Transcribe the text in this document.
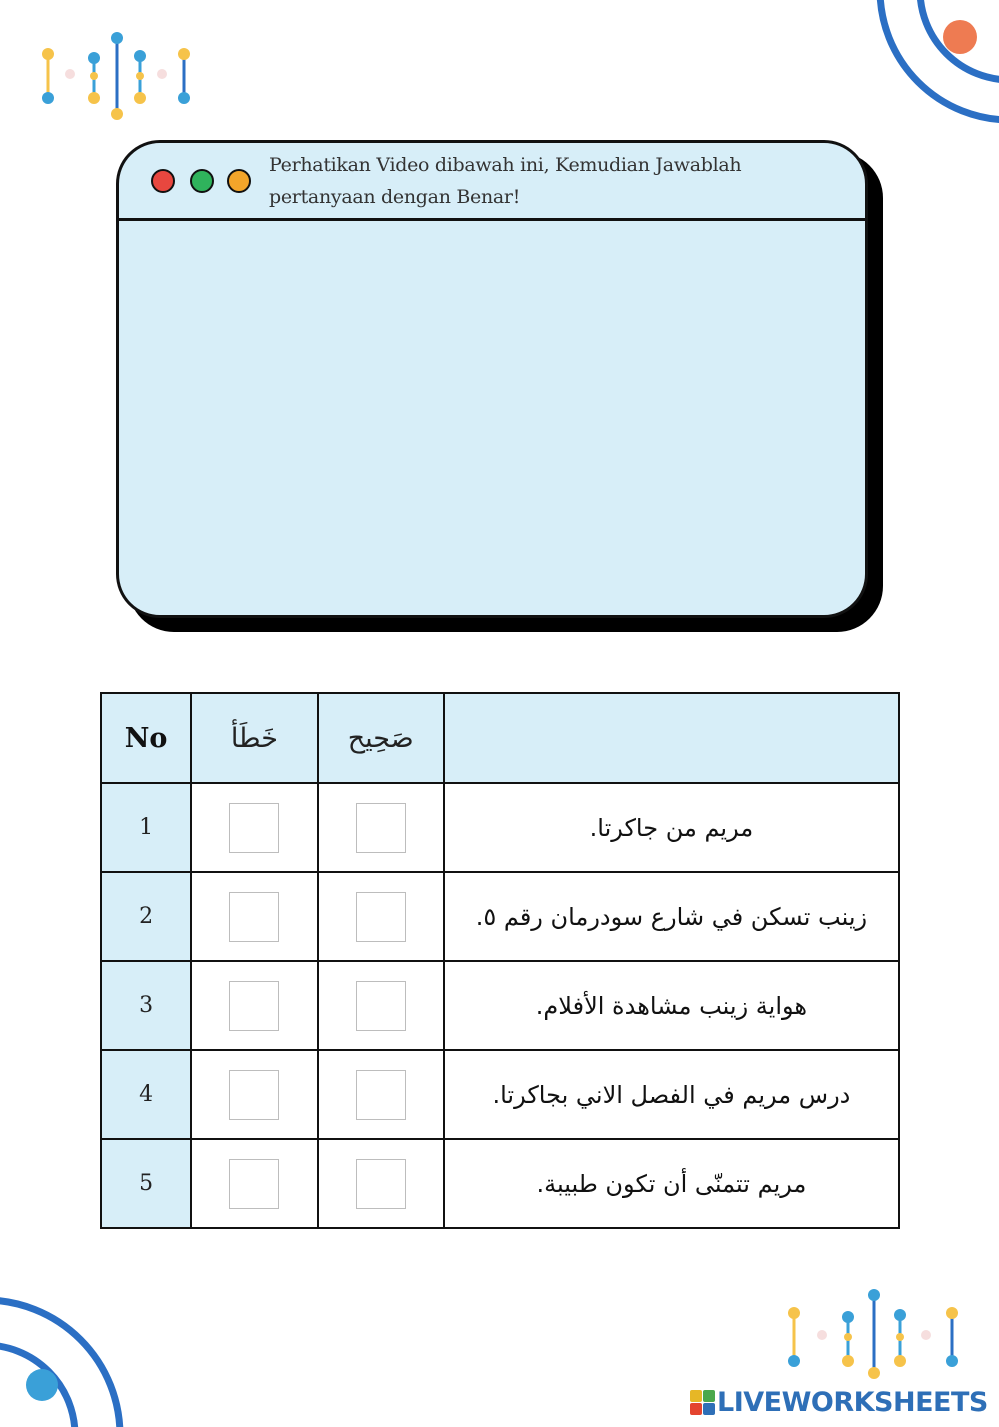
Perhatikan Video dibawah ini, Kemudian Jawablah
pertanyaan dengan Benar!
No	خَطَأ	صَحِيح	
1			مريم من جاكرتا.

2			زينب تسكن في شارع سودرمان رقم ٥.

3			هواية زينب مشاهدة الأفلام.

4			درس مريم في الفصل الاني بجاكرتا.

5			مريم تتمنّى أن تكون طبيبة.
LIVEWORKSHEETS
